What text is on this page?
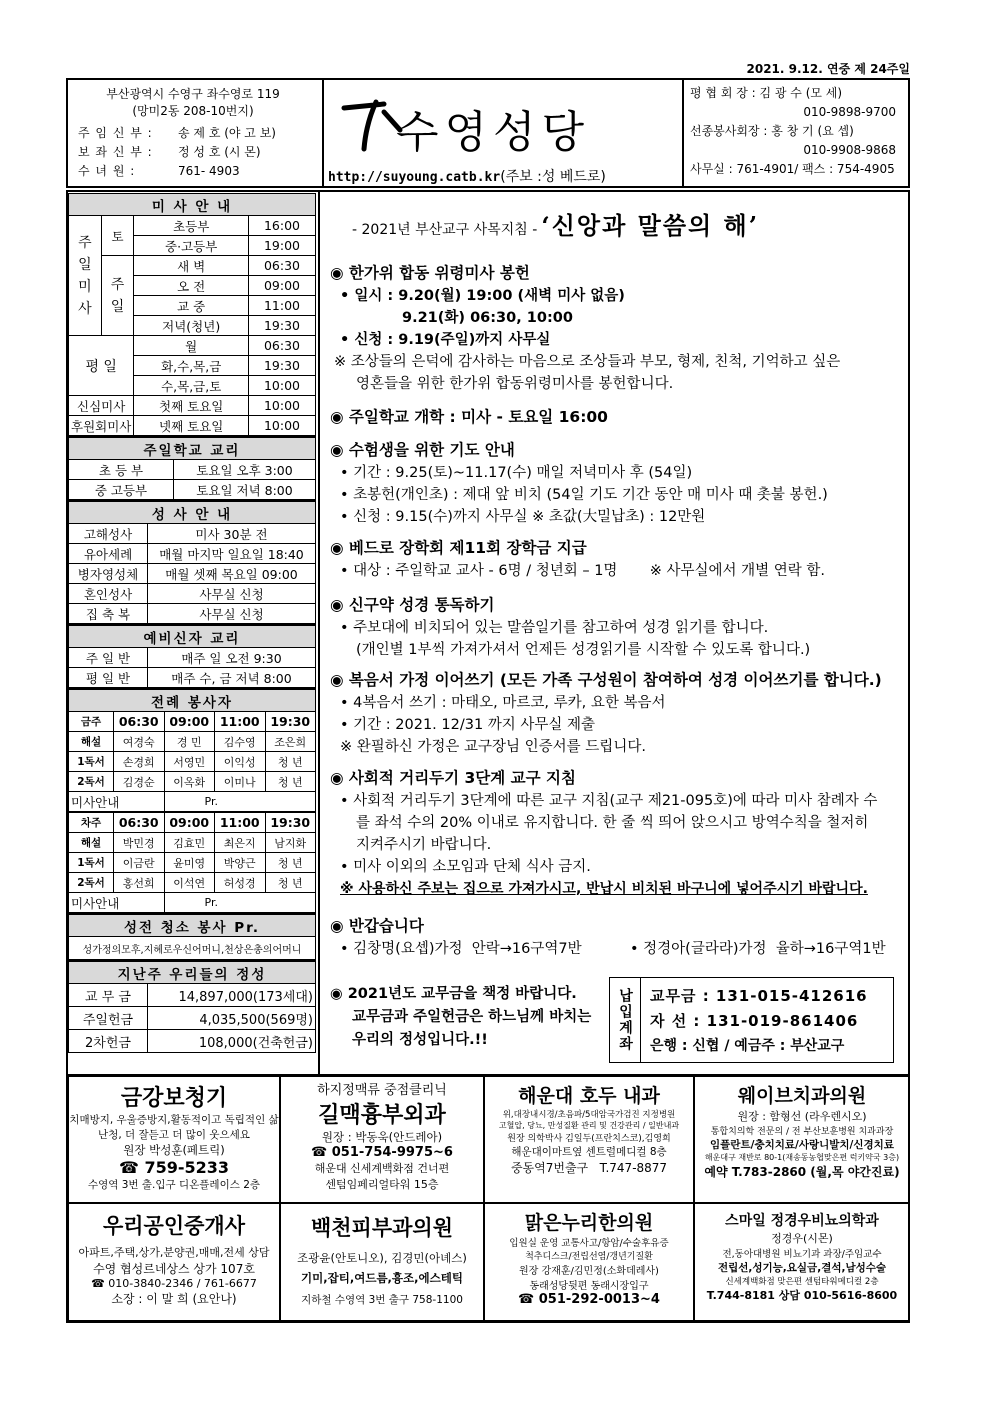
2021. 9.12. 연중 제 24주일
부산광역시 수영구 좌수영로 119
(망미2동 208-10번지)
주 임 신 부 : 송 제 호 (야 고 보)
보 좌 신 부 : 정 성 호 (시 몬)
수 녀 원 :	761- 4903
수영성당
http://suyoung.catb.kr(주보 :성 베드로)
평 협 회 장 : 김 광 수 (모 세)
010-9898-9700
선종봉사회장 : 홍 창 기 (요 셉)
010-9908-9868
사무실 : 761-4901/ 팩스 : 754-4905
미 사 안 내			
주
일
미
사	토	초등부	16:00
		중·고등부	19:00
	주
일	새 벽	06:30
		오 전	09:00
		교 중	11:00
		저녁(청년)	19:30
평 일		월	06:30
		화,수,목,금	19:30
		수,목,금,토	10:00
신심미사		첫째 토요일	10:00
후원회미사		넷째 토요일	10:00
주일학교 교리	
초 등 부	토요일 오후 3:00
중 고등부	토요일 저녁 8:00
성 사 안 내	
고해성사	미사 30분 전
유아세례	매월 마지막 일요일 18:40
병자영성체	매월 셋째 목요일 09:00
혼인성사	사무실 신청
집 축 복	사무실 신청
예비신자 교리	
주 일 반	매주 일 오전 9:30
평 일 반	매주 수, 금 저녁 8:00
전례 봉사자				
금주	06:30	09:00	11:00	19:30
해설	여경숙	경 민	김수영	조은희
1독서	손경희	서영민	이익성	청 년
2독서	김경순	이옥화	이미나	청 년
미사안내		Pr.		
차주	06:30	09:00	11:00	19:30
해설	박민경	김효민	최은지	남지화
1독서	이금란	윤미영	박양근	청 년
2독서	홍선희	이석연	허성경	청 년
미사안내		Pr.		
성전 청소 봉사 Pr.
성가정의모후,지혜로우신어머니,천상은총의어머니
지난주 우리들의 정성	
교 무 금	14,897,000(173세대)
주일헌금	4,035,500(569명)
2차헌금	108,000(건축헌금)
- 2021년 부산교구 사목지침 - ‘신앙과 말씀의 해’
◉ 한가위 합동 위령미사 봉헌
• 일시 : 9.20(월) 19:00 (새벽 미사 없음)
9.21(화) 06:30, 10:00
• 신청 : 9.19(주일)까지 사무실
※ 조상들의 은덕에 감사하는 마음으로 조상들과 부모, 형제, 친척, 기억하고 싶은
영혼들을 위한 한가위 합동위령미사를 봉헌합니다.
◉ 주일학교 개학 : 미사 - 토요일 16:00
◉ 수험생을 위한 기도 안내
• 기간 : 9.25(토)~11.17(수) 매일 저녁미사 후 (54일)
• 초봉헌(개인초) : 제대 앞 비치 (54일 기도 기간 동안 매 미사 때 촛불 봉헌.)
• 신청 : 9.15(수)까지 사무실 ※ 초값(大밀납초) : 12만원
◉ 베드로 장학회 제11회 장학금 지급
• 대상 : 주일학교 교사 - 6명 / 청년회 – 1명       ※ 사무실에서 개별 연락 함.
◉ 신구약 성경 통독하기
• 주보대에 비치되어 있는 말씀일기를 참고하여 성경 읽기를 합니다.
(개인별 1부씩 가져가셔서 언제든 성경읽기를 시작할 수 있도록 합니다.)
◉ 복음서 가정 이어쓰기 (모든 가족 구성원이 참여하여 성경 이어쓰기를 합니다.)
• 4복음서 쓰기 : 마태오, 마르코, 루카, 요한 복음서
• 기간 : 2021. 12/31 까지 사무실 제출
※ 완필하신 가정은 교구장님 인증서를 드립니다.
◉ 사회적 거리두기 3단계 교구 지침
• 사회적 거리두기 3단계에 따른 교구 지침(교구 제21-095호)에 따라 미사 참례자 수
를 좌석 수의 20% 이내로 유지합니다. 한 줄 씩 띄어 앉으시고 방역수칙을 철저히
지켜주시기 바랍니다.
• 미사 이외의 소모임과 단체 식사 금지.
※ 사용하신 주보는 집으로 가져가시고, 반납시 비치된 바구니에 넣어주시기 바랍니다.
◉ 반갑습니다
• 김창명(요셉)가정  안락→16구역7반	• 정경아(글라라)가정  율하→16구역1반
◉ 2021년도 교무금을 책정 바랍니다.
교무금과 주일헌금은 하느님께 바치는
우리의 정성입니다.!!	납입계좌	교무금 : 131-015-412616
자 선 : 131-019-861406
은행 : 신협 / 예금주 : 부산교구
금강보청기
치매방지, 우울증방지,활동적이고 독립적인 삶
난청, 더 잘듣고 더 많이 웃으세요
원장 박성훈(페트릭)
☎ 759-5233
수영역 3번 출.입구 디온플레이스 2층
하지정맥류 중점클리닉
길맥흉부외과
원장 : 박동욱(안드레아)
☎ 051-754-9975~6
해운대 신세계백화점 건너편
센텀임페리얼타워 15층
해운대 호두 내과
위,대장내시경/초음파/5대암국가검진 지정병원
고혈압, 당뇨, 만성질환 관리 및 건강관리 / 일반내과
원장 의학박사 김일두(프란치스코),김영희
해운대이마트옆 센트럴메디컬 8층
중동역7번출구   T.747-8877
웨이브치과의원
원장 : 함형선 (라우렌시오)
통합치의학 전문의 / 전 부산보훈병원 치과과장
임플란트/충치치료/사랑니발치/신경치료
해운대구 재반로 80-1(재송동농협맞은편 럭키약국 3층)
예약 T.783-2860 (월,목 야간진료)
우리공인중개사
아파트,주택,상가,분양권,매매,전세 상담
수영 협성르네상스 상가 107호
☎ 010-3840-2346 / 761-6677
소장 : 이 말 희 (요안나)
백천피부과의원
조광윤(안토니오), 김경민(아녜스)
기미,잡티,여드름,흉조,에스테틱
지하철 수영역 3번 출구 758-1100
맑은누리한의원
입원실 운영 교통사고/항암/수술후유증
척추디스크/전립선염/갱년기질환
원장 강재훈/김민정(소화데레사)
동래성당뒷편 동래시장입구
☎ 051-292-0013~4
스마일 정경우비뇨의학과
정경우(시몬)
전,동아대병원 비뇨기과 과장/주임교수
전립선,성기능,요실금,결석,남성수술
신세계백화점 맞은편 센텀타워메디컬 2층
T.744-8181 상담 010-5616-8600
